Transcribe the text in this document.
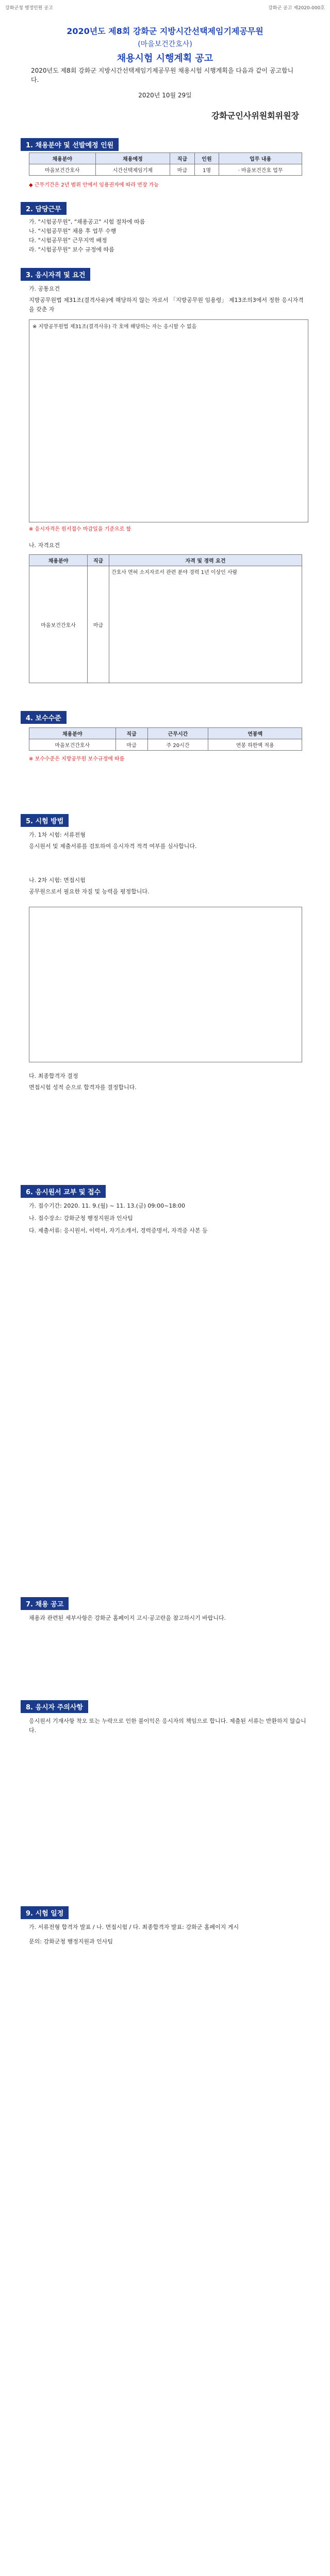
강화군청 행정민원 공고	강화군 공고 제2020-000호
2020년도 제8회 강화군 지방시간선택제임기제공무원
(마을보건간호사)
채용시험 시행계획 공고
2020년도 제8회 강화군 지방시간선택제임기제공무원 채용시험 시행계획을 다음과 같이 공고합니다.
2020년 10월 29일
강화군인사위원회위원장
1. 채용분야 및 선발예정 인원
채용분야	채용예정	직급	인원	업무 내용
마을보건간호사	시간선택제임기제	마급	1명	· 마을보건간호 업무
◆ 근무기간은 2년 범위 안에서 임용권자에 따라 연장 가능
2. 담당근무
가. "시험공무원", "채용공고" 시험 절차에 따름
나. "시험공무원" 채용 후 업무 수행
다. "시험공무원" 근무지역 배정
라. "시험공무원" 보수 규정에 따름
3. 응시자격 및 요건
가. 공통요건
지방공무원법 제31조(결격사유)에 해당하지 않는 자로서 「지방공무원 임용령」 제13조의3에서 정한 응시자격을 갖춘 자
※ 지방공무원법 제31조(결격사유) 각 호에 해당하는 자는 응시할 수 없음
※ 응시자격은 원서접수 마감일을 기준으로 함
나. 자격요건
채용분야	직급	자격 및 경력 요건
마을보건간호사	마급	간호사 면허 소지자로서 관련 분야 경력 1년 이상인 사람
4. 보수수준
채용분야	직급	근무시간	연봉액
마을보건간호사	마급	주 20시간	연봉 하한액 적용
※ 보수수준은 지방공무원 보수규정에 따름
5. 시험 방법
가. 1차 시험: 서류전형
응시원서 및 제출서류를 검토하여 응시자격 적격 여부를 심사합니다.
나. 2차 시험: 면접시험
공무원으로서 필요한 자질 및 능력을 평정합니다.
다. 최종합격자 결정
면접시험 성적 순으로 합격자를 결정합니다.
6. 응시원서 교부 및 접수
가. 접수기간: 2020. 11. 9.(월) ~ 11. 13.(금) 09:00~18:00
나. 접수장소: 강화군청 행정지원과 인사팀
다. 제출서류: 응시원서, 이력서, 자기소개서, 경력증명서, 자격증 사본 등
7. 채용 공고
채용과 관련된 세부사항은 강화군 홈페이지 고시·공고란을 참고하시기 바랍니다.
8. 응시자 주의사항
응시원서 기재사항 착오 또는 누락으로 인한 불이익은 응시자의 책임으로 합니다. 제출된 서류는 반환하지 않습니다.
9. 시험 일정
가. 서류전형 합격자 발표 / 나. 면접시험 / 다. 최종합격자 발표: 강화군 홈페이지 게시
문의: 강화군청 행정지원과 인사팀
